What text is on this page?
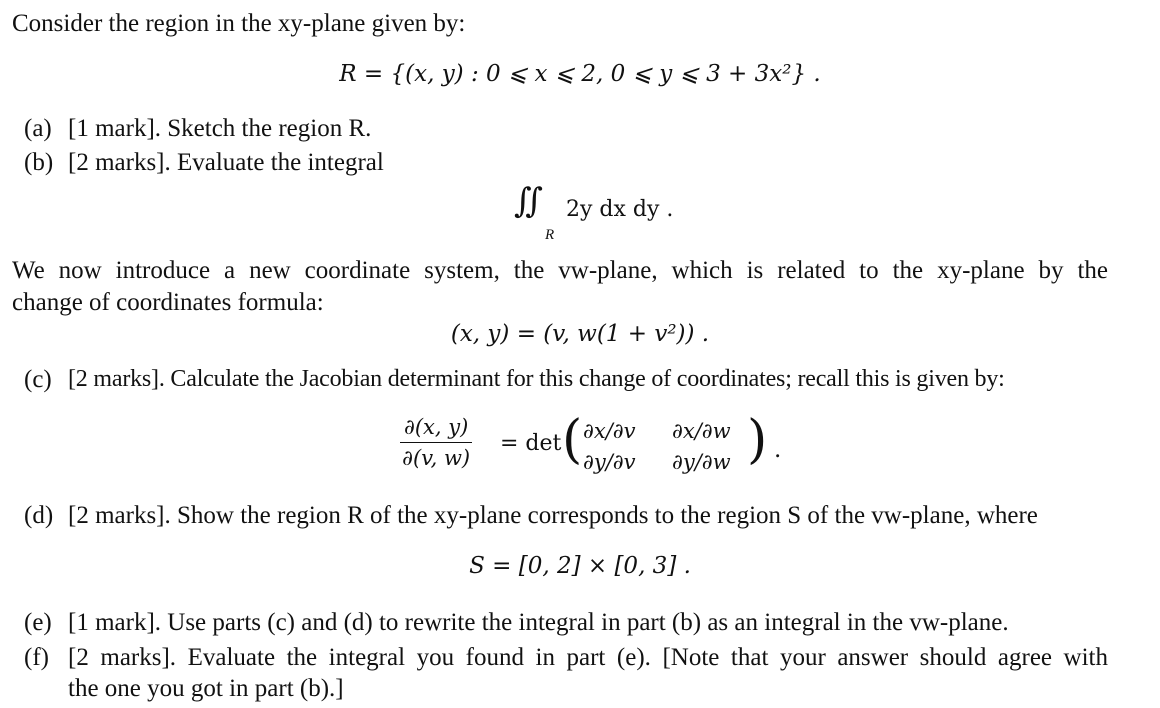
Consider the region in the xy-plane given by:
R = {(x, y) : 0 ⩽ x ⩽ 2, 0 ⩽ y ⩽ 3 + 3x²} .
(a) [1 mark]. Sketch the region R.
(b) [2 marks]. Evaluate the integral
∬
R
2y dx dy .
We now introduce a new coordinate system, the vw-plane, which is related to the xy-plane by the
change of coordinates formula:
(x, y) = (v, w(1 + v²)) .
(c) [2 marks]. Calculate the Jacobian determinant for this change of coordinates; recall this is given by:
$\frac{\partial(x, y)}{\partial(v, w)} = \det$ ( ∂x/∂v ∂x/∂w
∂y/∂v ∂y/∂w ) .
(d) [2 marks]. Show the region R of the xy-plane corresponds to the region S of the vw-plane, where
S = [0, 2] × [0, 3] .
(e) [1 mark]. Use parts (c) and (d) to rewrite the integral in part (b) as an integral in the vw-plane.
(f) [2 marks]. Evaluate the integral you found in part (e). [Note that your answer should agree with
the one you got in part (b).]
